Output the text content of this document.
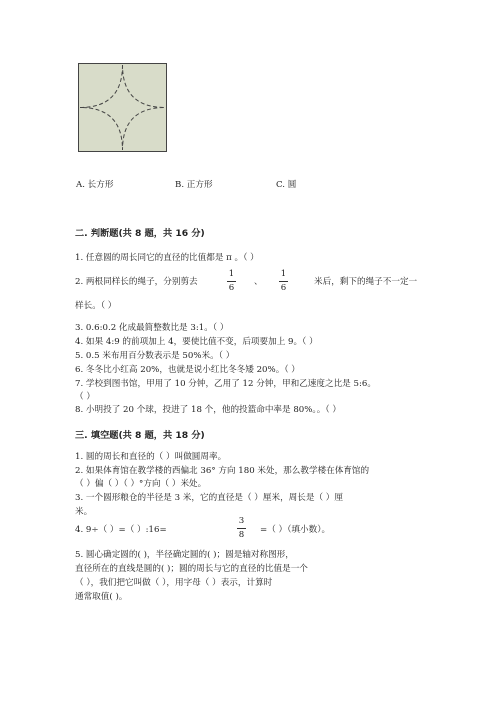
A. 长方形	B. 正方形	C. 圆
二. 判断题(共 8 题，共 16 分)
1. 任意圆的周长同它的直径的比值都是 π 。（ ）
2. 两根同样长的绳子，分别剪去
1
6
、
1
6
米后，剩下的绳子不一定一
样长。（ ）
3. 0.6:0.2 化成最简整数比是 3:1。（ ）
4. 如果 4:9 的前项加上 4，要使比值不变，后项要加上 9。（ ）
5. 0.5 米布用百分数表示是 50%米。（ ）
6. 冬冬比小红高 20%，也就是说小红比冬冬矮 20%。（ ）
7. 学校到图书馆，甲用了 10 分钟，乙用了 12 分钟，甲和乙速度之比是 5:6。
（ ）
8. 小明投了 20 个球，投进了 18 个，他的投篮命中率是 80%。。（ ）
三. 填空题(共 8 题，共 18 分)
1. 圆的周长和直径的（ ）叫做圆周率。
2. 如果体育馆在教学楼的西偏北 36° 方向 180 米处，那么教学楼在体育馆的
（ ）偏（ ）（ ）°方向（ ）米处。
3. 一个圆形粮仓的半径是 3 米，它的直径是（ ）厘米，周长是（ ）厘
米。
4. 9÷（ ）=（ ）:16=
3
8 =（ ）（填小数）。
5. 圆心确定圆的( )，半径确定圆的( )；圆是轴对称图形，
直径所在的直线是圆的( )；圆的周长与它的直径的比值是一个
（ ），我们把它叫做（ ），用字母（ ）表示，计算时
通常取值( )。
